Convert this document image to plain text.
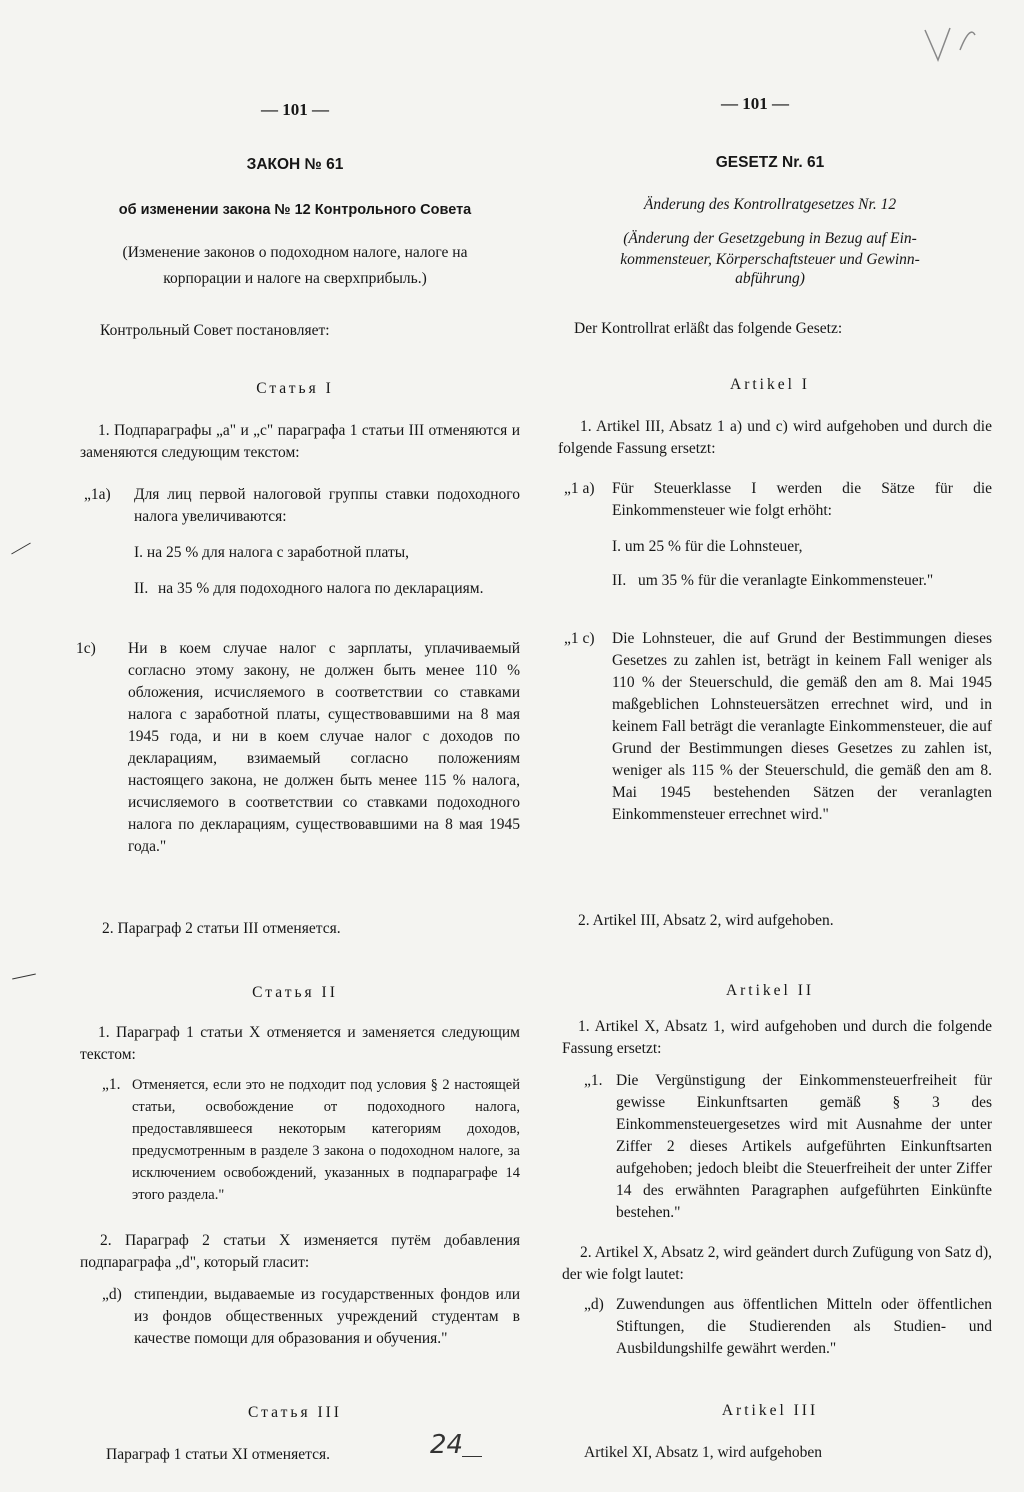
— 101 —
ЗАКОН № 61
об изменении закона № 12 Контрольного Совета
(Изменение законов о подоходном налоге, налоге на
корпорации и налоге на сверхприбыль.)
Контрольный Совет постановляет:
Статья I
1. Подпараграфы „а" и „с" параграфа 1 статьи III отменяются и заменяются следующим текстом:
„1a)	Для лиц первой налоговой группы ставки подоходного налога увеличиваются:
I. на 25 % для налога с заработной платы,
II. на 35 % для подоходного налога по декларациям.
1c)	Ни в коем случае налог с зарплаты, уплачиваемый согласно этому закону, не должен быть менее 110 % обложения, исчисляемого в соответствии со ставками налога с заработной платы, существовавшими на 8 мая 1945 года, и ни в коем случае налог с доходов по декларациям, взимаемый согласно положениям настоящего закона, не должен быть менее 115 % налога, исчисляемого в соответствии со ставками подоходного налога по декларациям, существовавшими на 8 мая 1945 года."
2. Параграф 2 статьи III отменяется.
Статья II
1. Параграф 1 статьи X отменяется и заменяется следующим текстом:
„1. Отменяется, если это не подходит под условия § 2 настоящей статьи, освобождение от подоходного налога, предоставлявшееся некоторым категориям доходов, предусмотренным в разделе 3 закона о подоходном налоге, за исключением освобождений, указанных в подпараграфе 14 этого раздела."
2. Параграф 2 статьи X изменяется путём добавления подпараграфа „d", который гласит:
„d) стипендии, выдаваемые из государственных фондов или из фондов общественных учреждений студентам в качестве помощи для образования и обучения."
Статья III
Параграф 1 статьи XI отменяется.
— 101 —
GESETZ Nr. 61
Änderung des Kontrollratgesetzes Nr. 12
(Änderung der Gesetzgebung in Bezug auf Ein-
kommensteuer, Körperschaftsteuer und Gewinn-
abführung)
Der Kontrollrat erläßt das folgende Gesetz:
Artikel I
1. Artikel III, Absatz 1 a) und c) wird aufgehoben und durch die folgende Fassung ersetzt:
„1 a)	Für Steuerklasse I werden die Sätze für die Einkommensteuer wie folgt erhöht:
I. um 25 % für die Lohnsteuer,
II. um 35 % für die veranlagte Einkommensteuer."
„1 c)	Die Lohnsteuer, die auf Grund der Bestimmungen dieses Gesetzes zu zahlen ist, beträgt in keinem Fall weniger als 110 % der Steuerschuld, die gemäß den am 8. Mai 1945 maßgeblichen Lohnsteuersätzen errechnet wird, und in keinem Fall beträgt die veranlagte Einkommensteuer, die auf Grund der Bestimmungen dieses Gesetzes zu zahlen ist, weniger als 115 % der Steuerschuld, die gemäß den am 8. Mai 1945 bestehenden Sätzen der veranlagten Einkommensteuer errechnet wird."
2. Artikel III, Absatz 2, wird aufgehoben.
Artikel II
1. Artikel X, Absatz 1, wird aufgehoben und durch die folgende Fassung ersetzt:
„1. Die Vergünstigung der Einkommensteuerfreiheit für gewisse Einkunftsarten gemäß § 3 des Einkommensteuergesetzes wird mit Ausnahme der unter Ziffer 2 dieses Artikels aufgeführten Einkunftsarten aufgehoben; jedoch bleibt die Steuerfreiheit der unter Ziffer 14 des erwähnten Paragraphen aufgeführten Einkünfte bestehen."
2. Artikel X, Absatz 2, wird geändert durch Zufügung von Satz d), der wie folgt lautet:
„d) Zuwendungen aus öffentlichen Mitteln oder öffentlichen Stiftungen, die Studierenden als Studien- und Ausbildungshilfe gewährt werden."
Artikel III
Artikel XI, Absatz 1, wird aufgehoben
24
